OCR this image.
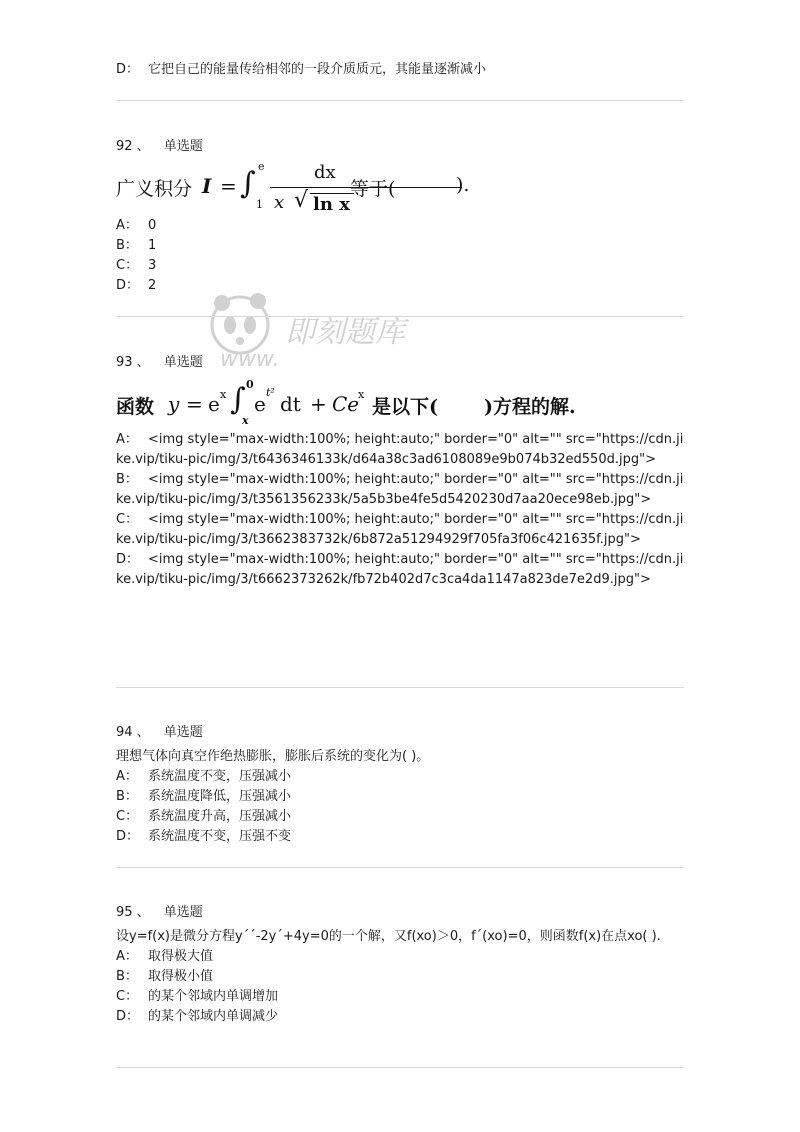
即刻题库
www.
D： 它把自己的能量传给相邻的一段介质质元，其能量逐渐减小
92 、 单选题
广义积分 I = ∫ e
1
dx
x √ ln x
等于(	).
A： 0
B： 1
C： 3
D： 2
93 、 单选题
函数 y = e x ∫ 0
x
e t² dt + Ce
x
是以下( )方程的解.
A： <img style="max-width:100%; height:auto;" border="0" alt="" src="https://cdn.jike.vip/tiku-pic/img/3/t6436346133k/d64a38c3ad6108089e9b074b32ed550d.jpg">
B： <img style="max-width:100%; height:auto;" border="0" alt="" src="https://cdn.jike.vip/tiku-pic/img/3/t3561356233k/5a5b3be4fe5d5420230d7aa20ece98eb.jpg">
C： <img style="max-width:100%; height:auto;" border="0" alt="" src="https://cdn.jike.vip/tiku-pic/img/3/t3662383732k/6b872a51294929f705fa3f06c421635f.jpg">
D： <img style="max-width:100%; height:auto;" border="0" alt="" src="https://cdn.jike.vip/tiku-pic/img/3/t6662373262k/fb72b402d7c3ca4da1147a823de7e2d9.jpg">
94 、 单选题
理想气体向真空作绝热膨胀，膨胀后系统的变化为( )。
A： 系统温度不变，压强减小
B： 系统温度降低，压强减小
C： 系统温度升高，压强减小
D： 系统温度不变，压强不变
95 、 单选题
设y=f(x)是微分方程y´´-2y´+4y=0的一个解，又f(xo)＞0，f´(xo)=0，则函数f(x)在点xo( ).
A： 取得极大值
B： 取得极小值
C： 的某个邻域内单调增加
D： 的某个邻域内单调减少
